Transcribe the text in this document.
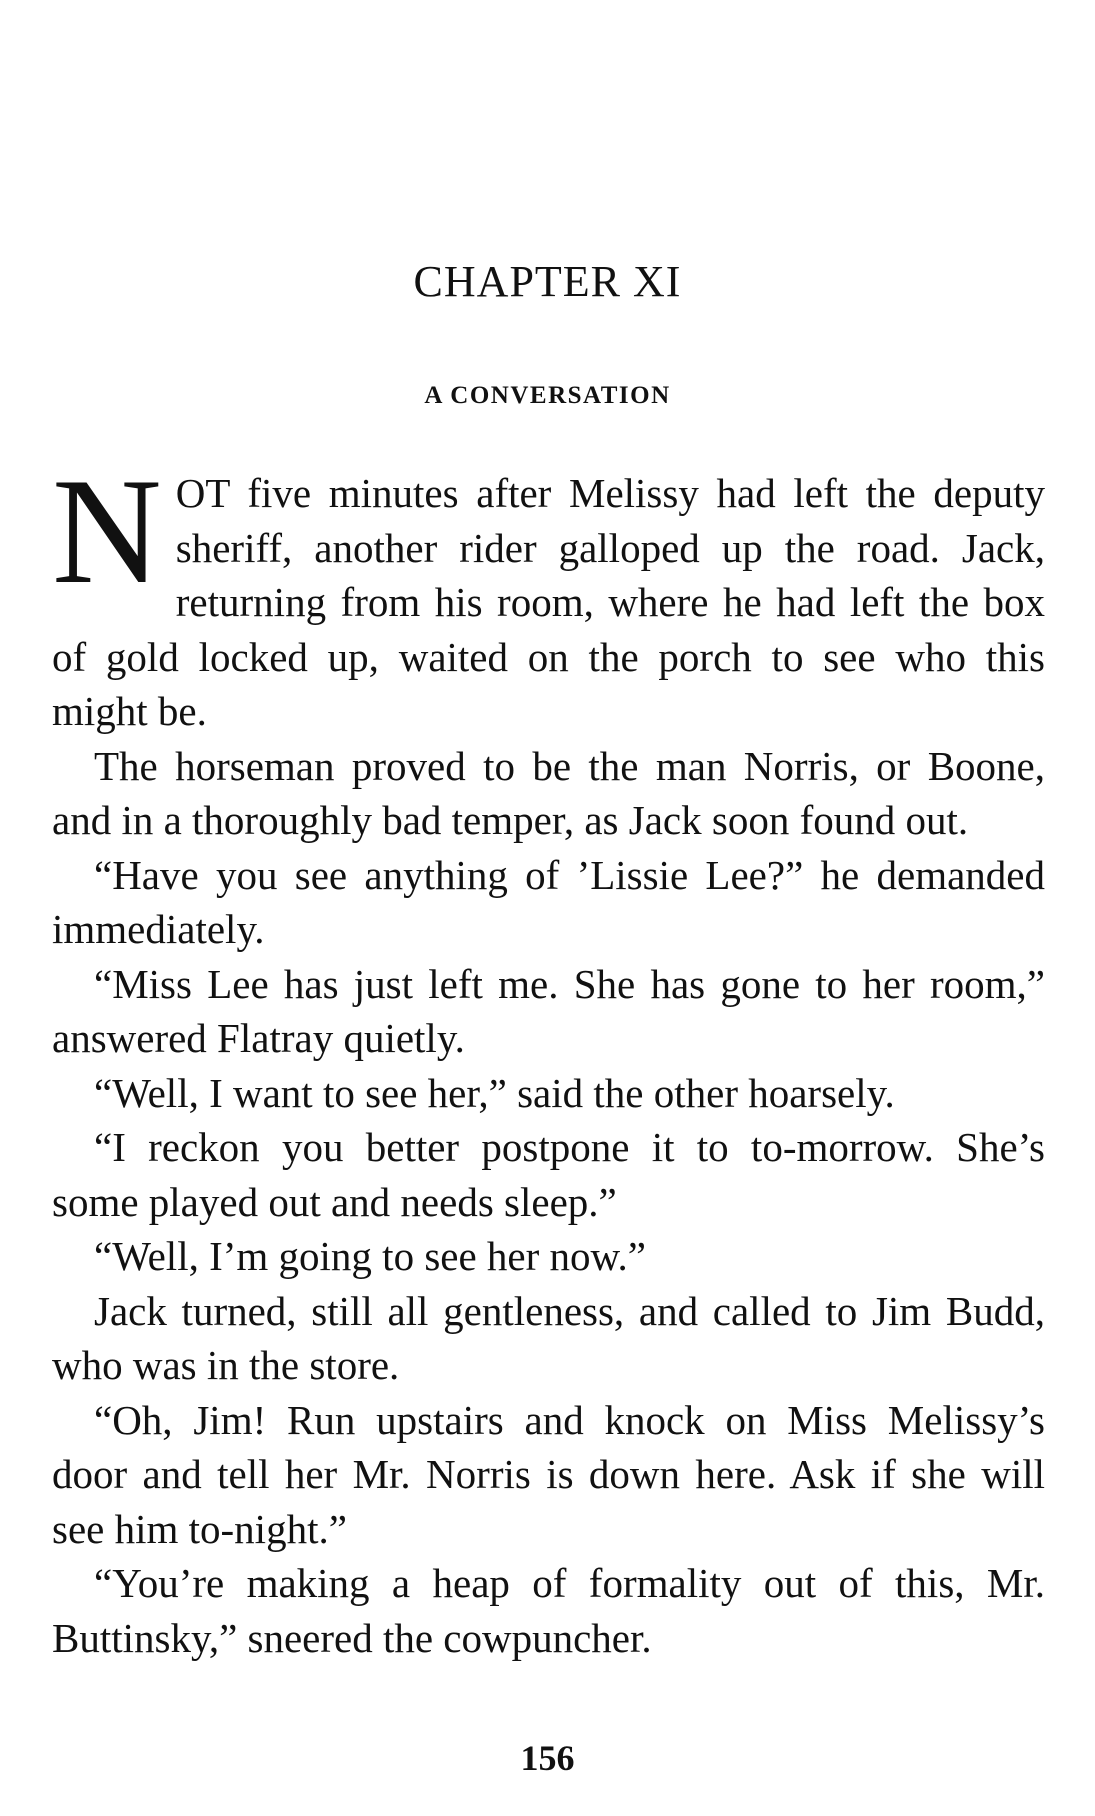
CHAPTER XI
A CONVERSATION

NOT five minutes after Melissy had left the deputy sheriff, another rider galloped up the road. Jack, returning from his room, where he had left the box of gold locked up, waited on the porch to see who this might be.

The horseman proved to be the man Norris, or Boone, and in a thoroughly bad temper, as Jack soon found out.

“Have you see anything of ’Lissie Lee?” he demanded immediately.

“Miss Lee has just left me. She has gone to her room,” answered Flatray quietly.

“Well, I want to see her,” said the other hoarsely.

“I reckon you better postpone it to to-morrow. She’s some played out and needs sleep.”

“Well, I’m going to see her now.”

Jack turned, still all gentleness, and called to Jim Budd, who was in the store.

“Oh, Jim! Run upstairs and knock on Miss Melissy’s door and tell her Mr. Norris is down here. Ask if she will see him to-night.”

“You’re making a heap of formality out of this, Mr. Buttinsky,” sneered the cowpuncher.

156
